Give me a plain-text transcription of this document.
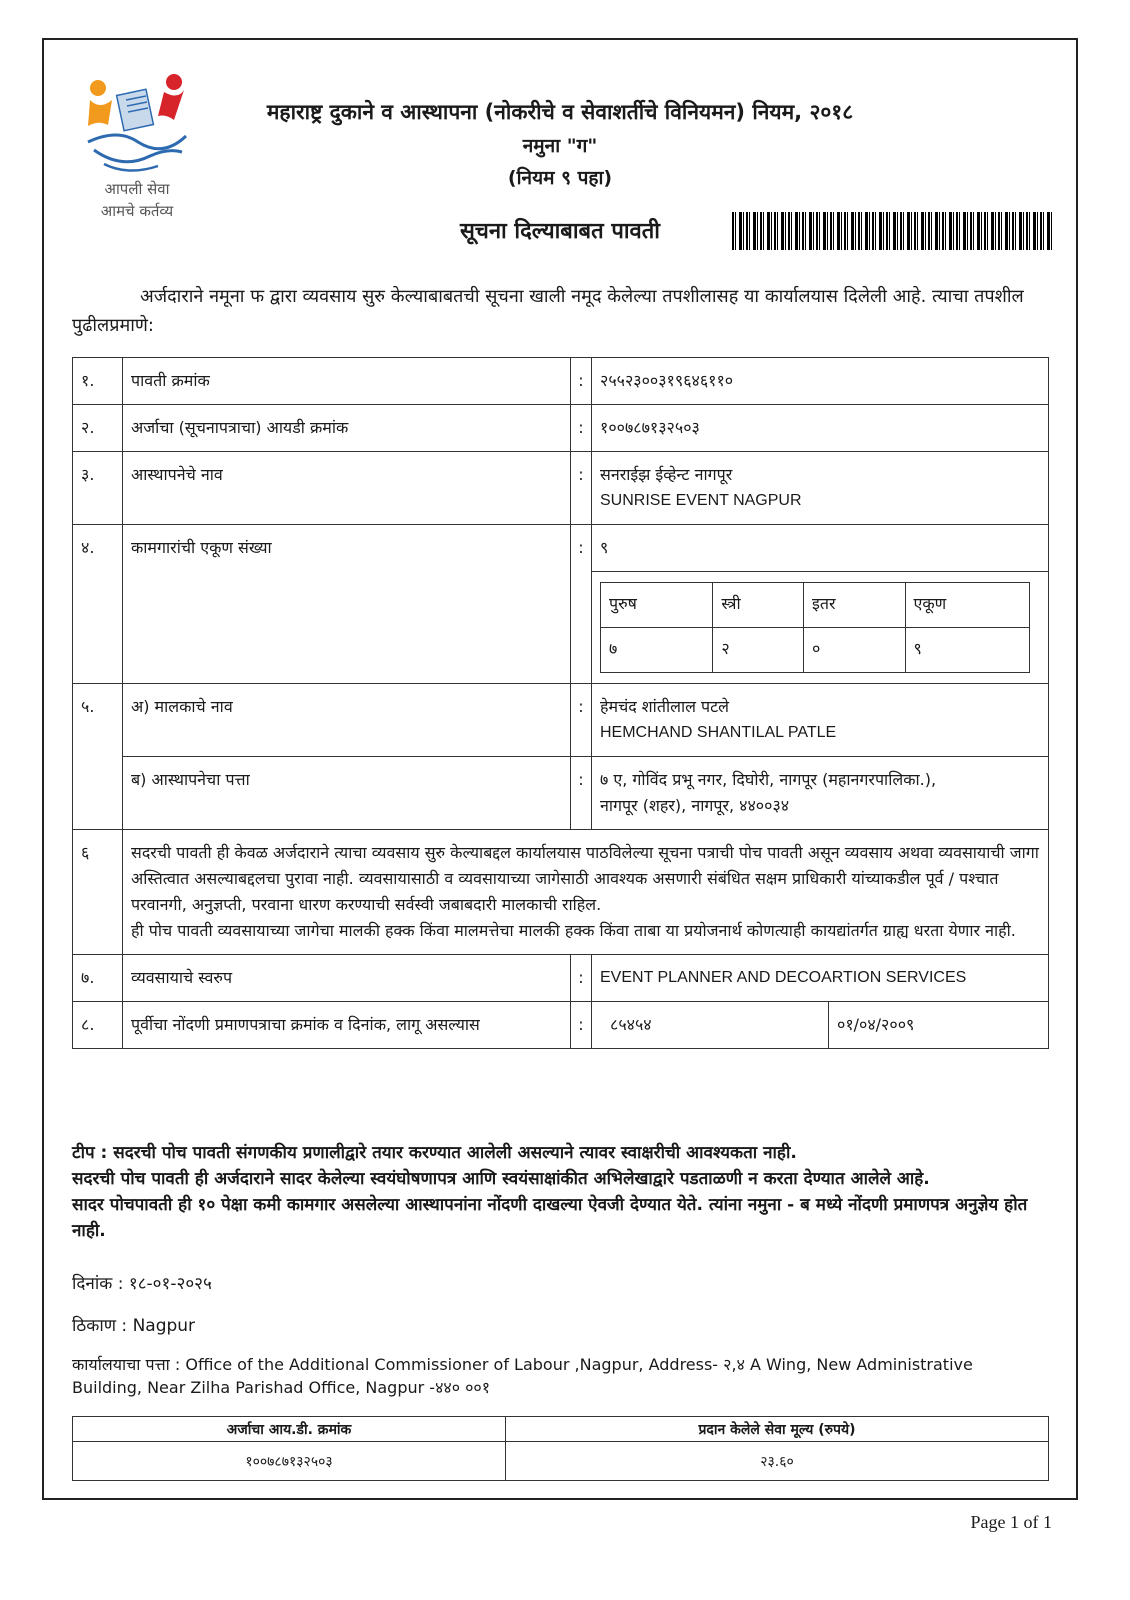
आपली सेवा
आमचे कर्तव्य
महाराष्ट्र दुकाने व आस्थापना (नोकरीचे व सेवाशर्तीचे विनियमन) नियम, २०१८
नमुना "ग"
(नियम ९ पहा)
सूचना दिल्याबाबत पावती
अर्जदाराने नमूना फ द्वारा व्यवसाय सुरु केल्याबाबतची सूचना खाली नमूद केलेल्या तपशीलासह या कार्यालयास दिलेली आहे. त्याचा तपशील पुढीलप्रमाणे:
१.	पावती क्रमांक	:	२५५२३००३१९६४६११०
२.	अर्जाचा (सूचनापत्राचा) आयडी क्रमांक	:	१००७८७१३२५०३
३.	आस्थापनेचे नाव	:	सनराईझ ईव्हेन्ट नागपूर
SUNRISE EVENT NAGPUR

४.	कामगारांची एकूण संख्या	:	९
पुरुष	स्त्री	इतर	एकूण
७	२	०	९

५.	अ) मालकाचे नाव	:	हेमचंद शांतीलाल पटले
HEMCHAND SHANTILAL PATLE

ब) आस्थापनेचा पत्ता	:	७ ए, गोविंद प्रभू नगर, दिघोरी, नागपूर (महानगरपालिका.),
नागपूर (शहर), नागपूर, ४४००३४

६	सदरची पावती ही केवळ अर्जदाराने त्याचा व्यवसाय सुरु केल्याबद्दल कार्यालयास पाठविलेल्या सूचना पत्राची पोच पावती असून व्यवसाय अथवा व्यवसायाची जागा अस्तित्वात असल्याबद्दलचा पुरावा नाही. व्यवसायासाठी व व्यवसायाच्या जागेसाठी आवश्यक असणारी संबंधित सक्षम प्राधिकारी यांच्याकडील पूर्व / पश्चात परवानगी, अनुज्ञप्ती, परवाना धारण करण्याची सर्वस्वी जबाबदारी मालकाची राहिल.
ही पोच पावती व्यवसायाच्या जागेचा मालकी हक्क किंवा मालमत्तेचा मालकी हक्क किंवा ताबा या प्रयोजनार्थ कोणत्याही कायद्यांतर्गत ग्राह्य धरता येणार नाही.

७.	व्यवसायाचे स्वरुप	:	EVENT PLANNER AND DECOARTION SERVICES
८.	पूर्वीचा नोंदणी प्रमाणपत्राचा क्रमांक व दिनांक, लागू असल्यास	:	८५४५४	०१/०४/२००९
टीप : सदरची पोच पावती संगणकीय प्रणालीद्वारे तयार करण्यात आलेली असल्याने त्यावर स्वाक्षरीची आवश्यकता नाही.
सदरची पोच पावती ही अर्जदाराने सादर केलेल्या स्वयंघोषणापत्र आणि स्वयंसाक्षांकीत अभिलेखाद्वारे पडताळणी न करता देण्यात आलेले आहे.
सादर पोचपावती ही १० पेक्षा कमी कामगार असलेल्या आस्थापनांना नोंदणी दाखल्या ऐवजी देण्यात येते. त्यांना नमुना - ब मध्ये नोंदणी प्रमाणपत्र अनुज्ञेय होत नाही.
दिनांक : १८-०१-२०२५
ठिकाण : Nagpur
कार्यालयाचा पत्ता : Office of the Additional Commissioner of Labour ,Nagpur, Address- २,४ A Wing, New Administrative Building, Near Zilha Parishad Office, Nagpur -४४० ००१
अर्जाचा आय.डी. क्रमांक	प्रदान केलेले सेवा मूल्य (रुपये)
१००७८७१३२५०३	२३.६०
Page 1 of 1
